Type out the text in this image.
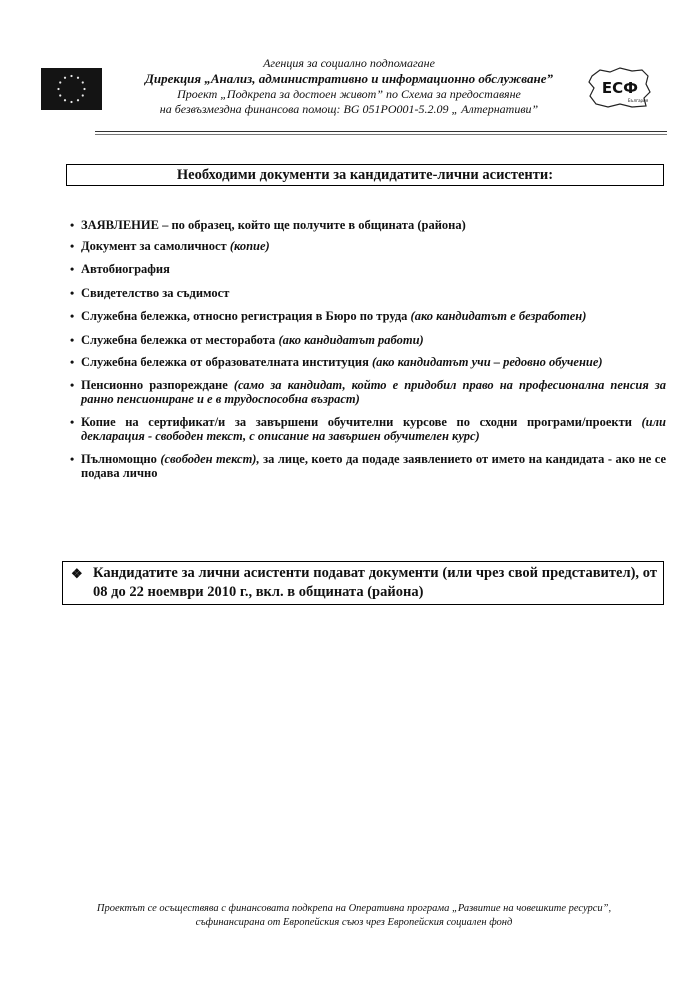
Агенция за социално подпомагане
Дирекция „Анализ, административно и информационно обслужване”
Проект „Подкрепа за достоен живот” по Схема за предоставяне
на безвъзмездна финансова помощ: BG 051PO001-5.2.09 „ Алтернативи”
ЕСФ
България
Необходими документи за кандидатите-лични асистенти:
• ЗАЯВЛЕНИЕ – по образец, който ще получите в общината (района)
• Документ за самоличност (копие)
• Автобиография
• Свидетелство за съдимост
• Служебна бележка, относно регистрация в Бюро по труда (ако кандидатът е безработен)
• Служебна бележка от месторабота (ако кандидатът работи)
• Служебна бележка от образователната институция (ако кандидатът учи – редовно обучение)
• Пенсионно разпореждане (само за кандидат, който е придобил право на професионална пенсия за ранно пенсиониране и е в трудоспособна възраст)
• Копие на сертификат/и за завършени обучителни курсове по сходни програми/проекти (или декларация - свободен текст, с описание на завършен обучителен курс)
• Пълномощно (свободен текст), за лице, което да подаде заявлението от името на кандидата - ако не се подава лично
❖ Кандидатите за лични асистенти подават документи (или чрез свой представител), от 08 до 22 ноември 2010 г., вкл. в общината (района)
Проектът се осъществява с финансовата подкрепа на Оперативна програма „Развитие на човешките ресурси”, съфинансирана от Европейския съюз чрез Европейския социален фонд
